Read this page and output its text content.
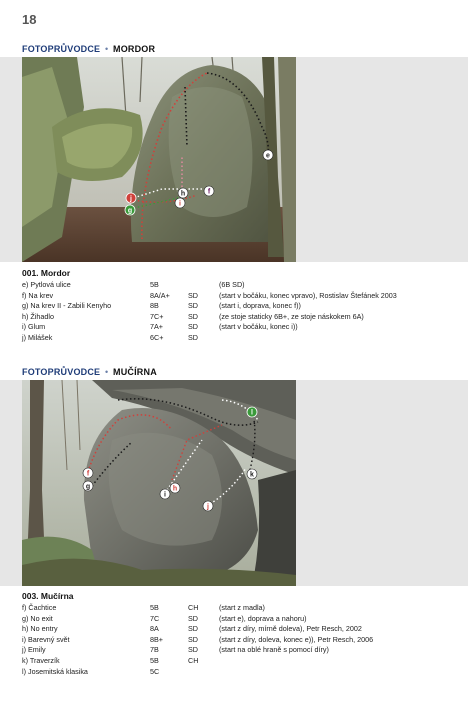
18
FOTOPRŮVODCE • MORDOR
e
f
g
h
i
j
001. Mordor
e) Pytlová ulice	5B		(6B SD)
f) Na krev	8A/A+	SD	(start v bočáku, konec vpravo), Rostislav Štefánek 2003
g) Na krev II - Zabili Kenyho	8B	SD	(start i, doprava, konec f))
h) Žihadlo	7C+	SD	(ze stoje staticky 6B+, ze stoje náskokem 6A)
i) Glum	7A+	SD	(start v bočáku, konec i))
j) Milášek	6C+	SD	
FOTOPRŮVODCE • MUČÍRNA
f
g	h
i
j
k
l
003. Mučírna
f) Čachtice	5B	CH	(start z madla)
g) No exit	7C	SD	(start e), doprava a nahoru)
h) No entry	8A	SD	(start z díry, mírně doleva), Petr Resch, 2002
i) Barevný svět	8B+	SD	(start z díry, doleva, konec e)), Petr Resch, 2006
j) Emily	7B	SD	(start na oblé hraně s pomocí díry)
k) Traverzík	5B	CH	
l) Josemitská klasika	5C		
